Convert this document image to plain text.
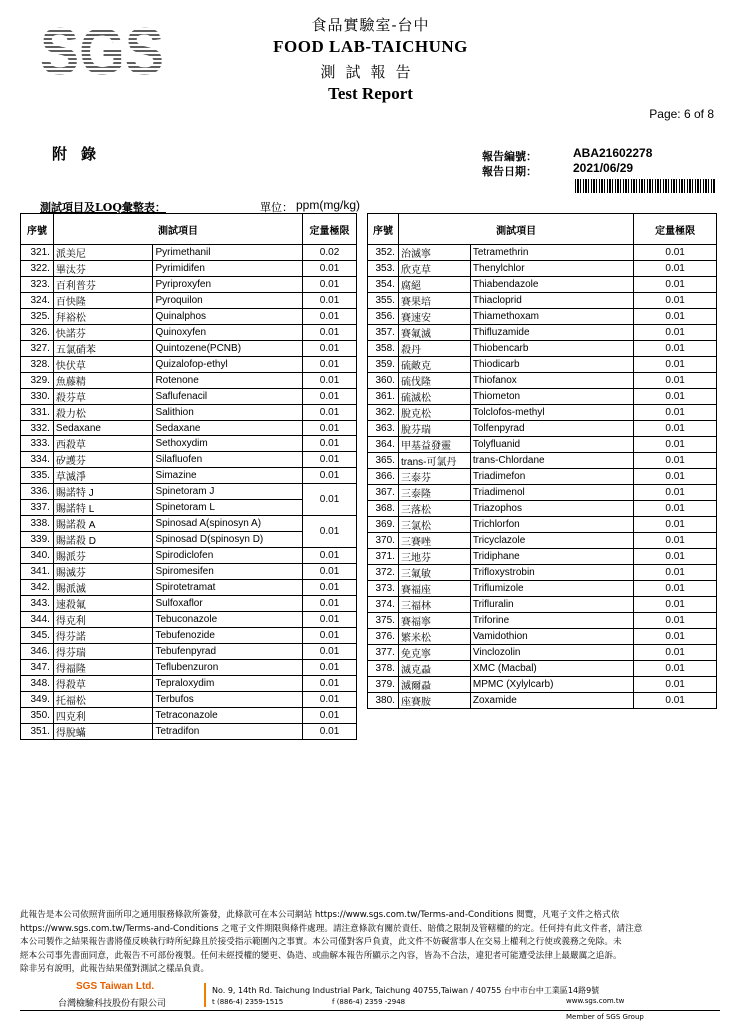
SGS	食品實驗室-台中
FOOD LAB-TAICHUNG
測試報告
Test Report
Page: 6 of 8
附錄	報告編號：	ABA21602278
報告日期：	2021/06/29
測試項目及LOQ彙整表：	單位： ppm(mg/kg)
序號	測試項目		定量極限
321.	派美尼	Pyrimethanil	0.02
322.	畢汰芬	Pyrimidifen	0.01
323.	百利普芬	Pyriproxyfen	0.01
324.	百快隆	Pyroquilon	0.01
325.	拜裕松	Quinalphos	0.01
326.	快諾芬	Quinoxyfen	0.01
327.	五氯硝苯	Quintozene(PCNB)	0.01
328.	快伏草	Quizalofop-ethyl	0.01
329.	魚藤精	Rotenone	0.01
330.	殺芬草	Saflufenacil	0.01
331.	殺力松	Salithion	0.01
332.	Sedaxane	Sedaxane	0.01
333.	西殺草	Sethoxydim	0.01
334.	矽護芬	Silafluofen	0.01
335.	草滅淨	Simazine	0.01
336.	賜諾特 J	Spinetoram J	0.01
337.	賜諾特 L	Spinetoram L	
338.	賜諾殺 A	Spinosad A(spinosyn A)	0.01
339.	賜諾殺 D	Spinosad D(spinosyn D)	
340.	賜派芬	Spirodiclofen	0.01
341.	賜滅芬	Spiromesifen	0.01
342.	賜派滅	Spirotetramat	0.01
343.	速殺氟	Sulfoxaflor	0.01
344.	得克利	Tebuconazole	0.01
345.	得芬諾	Tebufenozide	0.01
346.	得芬瑞	Tebufenpyrad	0.01
347.	得福隆	Teflubenzuron	0.01
348.	得殺草	Tepraloxydim	0.01
349.	托福松	Terbufos	0.01
350.	四克利	Tetraconazole	0.01
351.	得脫蟎	Tetradifon	0.01
序號	測試項目		定量極限
352.	治滅寧	Tetramethrin	0.01
353.	欣克草	Thenylchlor	0.01
354.	腐絕	Thiabendazole	0.01
355.	賽果培	Thiacloprid	0.01
356.	賽速安	Thiamethoxam	0.01
357.	賽氟滅	Thifluzamide	0.01
358.	殺丹	Thiobencarb	0.01
359.	硫敵克	Thiodicarb	0.01
360.	硫伐隆	Thiofanox	0.01
361.	硫滅松	Thiometon	0.01
362.	脫克松	Tolclofos-methyl	0.01
363.	脫芬瑞	Tolfenpyrad	0.01
364.	甲基益發靈	Tolyfluanid	0.01
365.	trans-可氯丹	trans-Chlordane	0.01
366.	三泰芬	Triadimefon	0.01
367.	三泰隆	Triadimenol	0.01
368.	三落松	Triazophos	0.01
369.	三氯松	Trichlorfon	0.01
370.	三賽唑	Tricyclazole	0.01
371.	三地芬	Tridiphane	0.01
372.	三氟敏	Trifloxystrobin	0.01
373.	賽福座	Triflumizole	0.01
374.	三福林	Trifluralin	0.01
375.	賽福寧	Triforine	0.01
376.	繁米松	Vamidothion	0.01
377.	免克寧	Vinclozolin	0.01
378.	滅克蝨	XMC (Macbal)	0.01
379.	滅爾蝨	MPMC (Xylylcarb)	0.01
380.	座賽胺	Zoxamide	0.01
此報告是本公司依照背面所印之通用服務條款所簽發，此條款可在本公司網站 https://www.sgs.com.tw/Terms-and-Conditions 閱覽，凡電子文件之格式依
https://www.sgs.com.tw/Terms-and-Conditions 之電子文件期限與條件處理。請注意條款有關於責任、賠償之限制及管轄權的約定。任何持有此文件者，請注意
本公司製作之結果報告書將僅反映執行時所紀錄且於接受指示範圍內之事實。本公司僅對客戶負責，此文件不妨礙當事人在交易上權利之行使或義務之免除。未
經本公司事先書面同意，此報告不可部份複製。任何未經授權的變更、偽造、或曲解本報告所顯示之內容，皆為不合法，違犯者可能遭受法律上最嚴厲之追訴。
除非另有說明，此報告結果僅對測試之樣品負責。
SGS Taiwan Ltd.
台灣檢驗科技股份有限公司
No. 9, 14th Rd. Taichung Industrial Park, Taichung 40755,Taiwan / 40755 台中市台中工業區14路9號
t (886-4) 2359-1515	f (886-4) 2359 -2948	www.sgs.com.tw
Member of SGS Group
